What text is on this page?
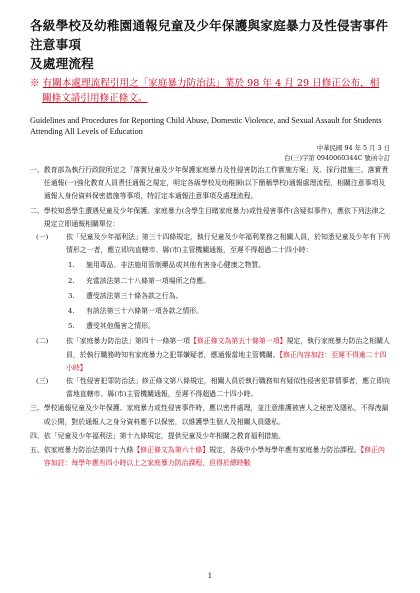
各級學校及幼稚園通報兒童及少年保護與家庭暴力及性侵害事件注意事項
及處理流程

※ 有關本處理流程引用之「家庭暴力防治法」業於 98 年 4 月 29 日修正公布，相
關條文請引用修正條文。
Guidelines and Procedures for Reporting Child Abuse, Domestic Violence, and Sexual Assault for Students Attending All Levels of Education
中華民國 94 年 5 月 3 日
台(三)字第 0940060344C 號函令訂
一、 教育部為執行行政院所定之「落實兒童及少年保護家庭暴力及性侵害防治工作實施方案」及、採行措施三、落實責任通報(一)強化教育人員責任通報之規定，明定各級學校及幼稚園(以下簡稱學校)通報處理流程，相關注意事項及通報人身份資料保密措施等事項，特訂定本通報注意事項及處理流程。
二、 學校知悉學生遭遇兒童及少年保護、家庭暴力(含學生目睹家庭暴力)或性侵害事件(含疑似事件)，應依下列法律之規定立即通報相關單位：
(一)	依「兒童及少年福利法」第三十四條規定，執行兒童及少年福利業務之相關人員，於知悉兒童及少年有下列情形之一者，應立即向直轄市、縣(市)主管機關通報，至遲不得超過二十四小時：
1.	施用毒品、非法施用管制藥品或其他有害身心健康之物質。
2.	充當該法第二十八條第一項場所之侍應。
3.	遭受該法第三十條各款之行為。
4.	有該法第三十六條第一項各款之情形。
5.	遭受其他傷害之情形。
(二)	依「家庭暴力防治法」第四十一條第一項【修正條文為第五十條第一項】規定，執行家庭暴力防治之相關人員，於執行職務時知有家庭暴力之犯罪嫌疑者，應通報當地主管機關。【修正內容加註：至遲不得逾二十四小時】
(三)	依「性侵害犯罪防治法」修正條文第八條規定，相關人員於執行職務知有疑似性侵害犯罪情事者，應立即向當地直轄市、縣(市)主管機關通報，至遲不得超過二十四小時。
三、 學校通報兒童及少年保護、家庭暴力或性侵害事件時，應以密件處理，並注意維護被害人之秘密及隱私，不得洩漏或公開，對於通報人之身分資料應予以保密，以維護學生個人及相關人員隱私。
四、 依「兒童及少年福利法」第十九條規定，提供兒童及少年相關之教育福利措施。
五、 依家庭暴力防治法第四十九條【修正條文為第六十條】規定，各級中小學每學年應有家庭暴力防治課程。【修正內容加註：每學年應有四小時以上之家庭暴力防治課程，但得於總時數
1
